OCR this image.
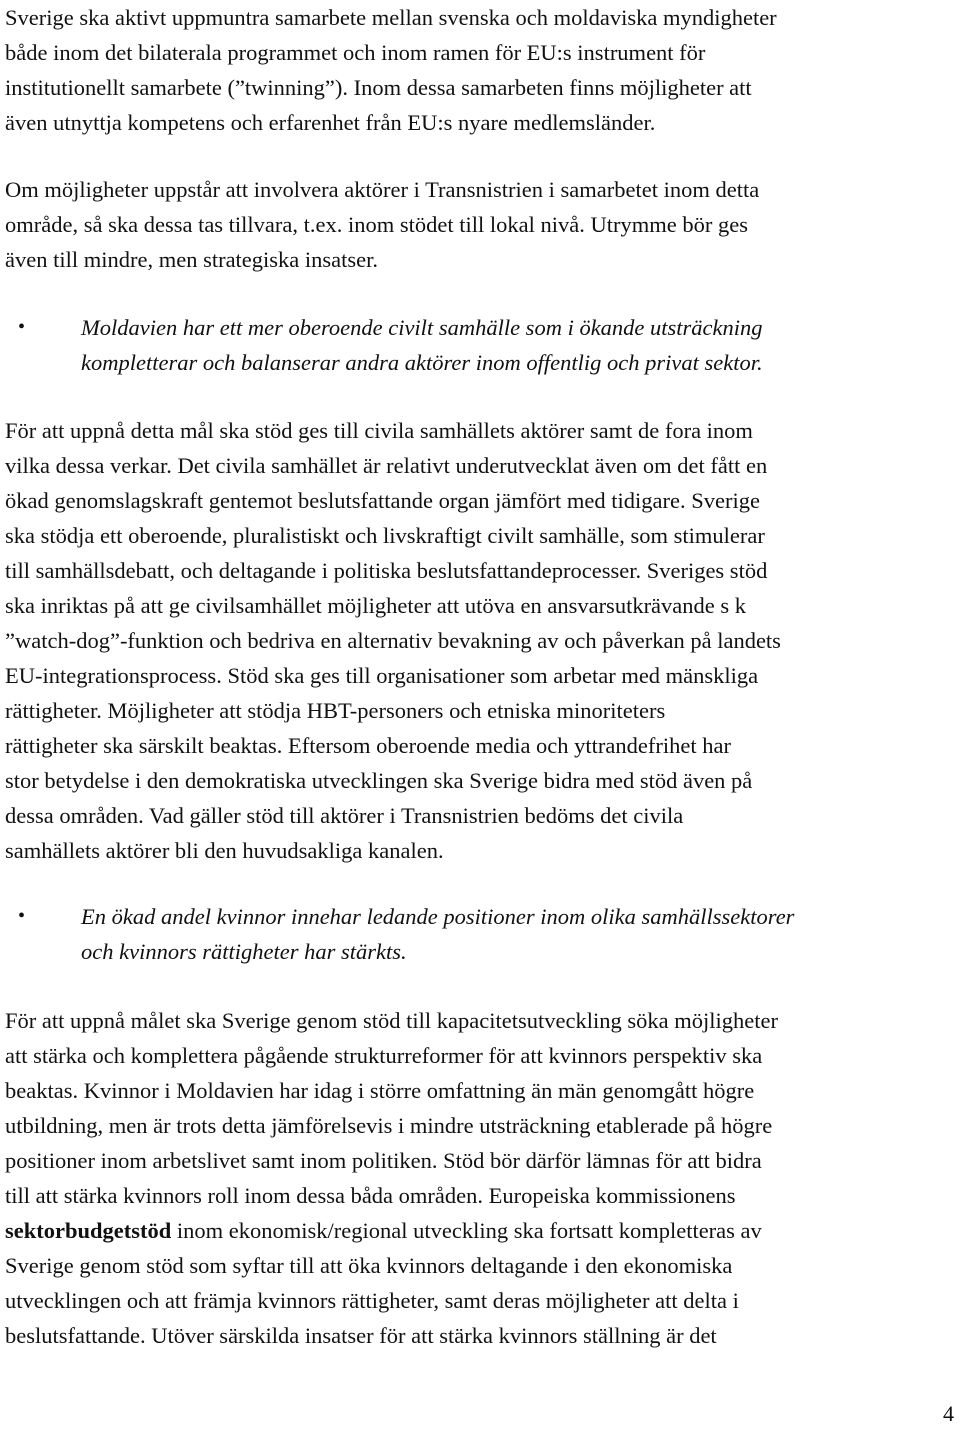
Sverige ska aktivt uppmuntra samarbete mellan svenska och moldaviska myndigheter
både inom det bilaterala programmet och inom ramen för EU:s instrument för
institutionellt samarbete (”twinning”). Inom dessa samarbeten finns möjligheter att
även utnyttja kompetens och erfarenhet från EU:s nyare medlemsländer.
Om möjligheter uppstår att involvera aktörer i Transnistrien i samarbetet inom detta
område, så ska dessa tas tillvara, t.ex. inom stödet till lokal nivå. Utrymme bör ges
även till mindre, men strategiska insatser.
• Moldavien har ett mer oberoende civilt samhälle som i ökande utsträckning
kompletterar och balanserar andra aktörer inom offentlig och privat sektor.
För att uppnå detta mål ska stöd ges till civila samhällets aktörer samt de fora inom
vilka dessa verkar. Det civila samhället är relativt underutvecklat även om det fått en
ökad genomslagskraft gentemot beslutsfattande organ jämfört med tidigare. Sverige
ska stödja ett oberoende, pluralistiskt och livskraftigt civilt samhälle, som stimulerar
till samhällsdebatt, och deltagande i politiska beslutsfattandeprocesser. Sveriges stöd
ska inriktas på att ge civilsamhället möjligheter att utöva en ansvarsutkrävande s k
”watch-dog”-funktion och bedriva en alternativ bevakning av och påverkan på landets
EU-integrationsprocess. Stöd ska ges till organisationer som arbetar med mänskliga
rättigheter. Möjligheter att stödja HBT-personers och etniska minoriteters
rättigheter ska särskilt beaktas. Eftersom oberoende media och yttrandefrihet har
stor betydelse i den demokratiska utvecklingen ska Sverige bidra med stöd även på
dessa områden. Vad gäller stöd till aktörer i Transnistrien bedöms det civila
samhällets aktörer bli den huvudsakliga kanalen.
• En ökad andel kvinnor innehar ledande positioner inom olika samhällssektorer
och kvinnors rättigheter har stärkts.
För att uppnå målet ska Sverige genom stöd till kapacitetsutveckling söka möjligheter
att stärka och komplettera pågående strukturreformer för att kvinnors perspektiv ska
beaktas. Kvinnor i Moldavien har idag i större omfattning än män genomgått högre
utbildning, men är trots detta jämförelsevis i mindre utsträckning etablerade på högre
positioner inom arbetslivet samt inom politiken. Stöd bör därför lämnas för att bidra
till att stärka kvinnors roll inom dessa båda områden. Europeiska kommissionens
sektorbudgetstöd inom ekonomisk/regional utveckling ska fortsatt kompletteras av
Sverige genom stöd som syftar till att öka kvinnors deltagande i den ekonomiska
utvecklingen och att främja kvinnors rättigheter, samt deras möjligheter att delta i
beslutsfattande. Utöver särskilda insatser för att stärka kvinnors ställning är det
4
